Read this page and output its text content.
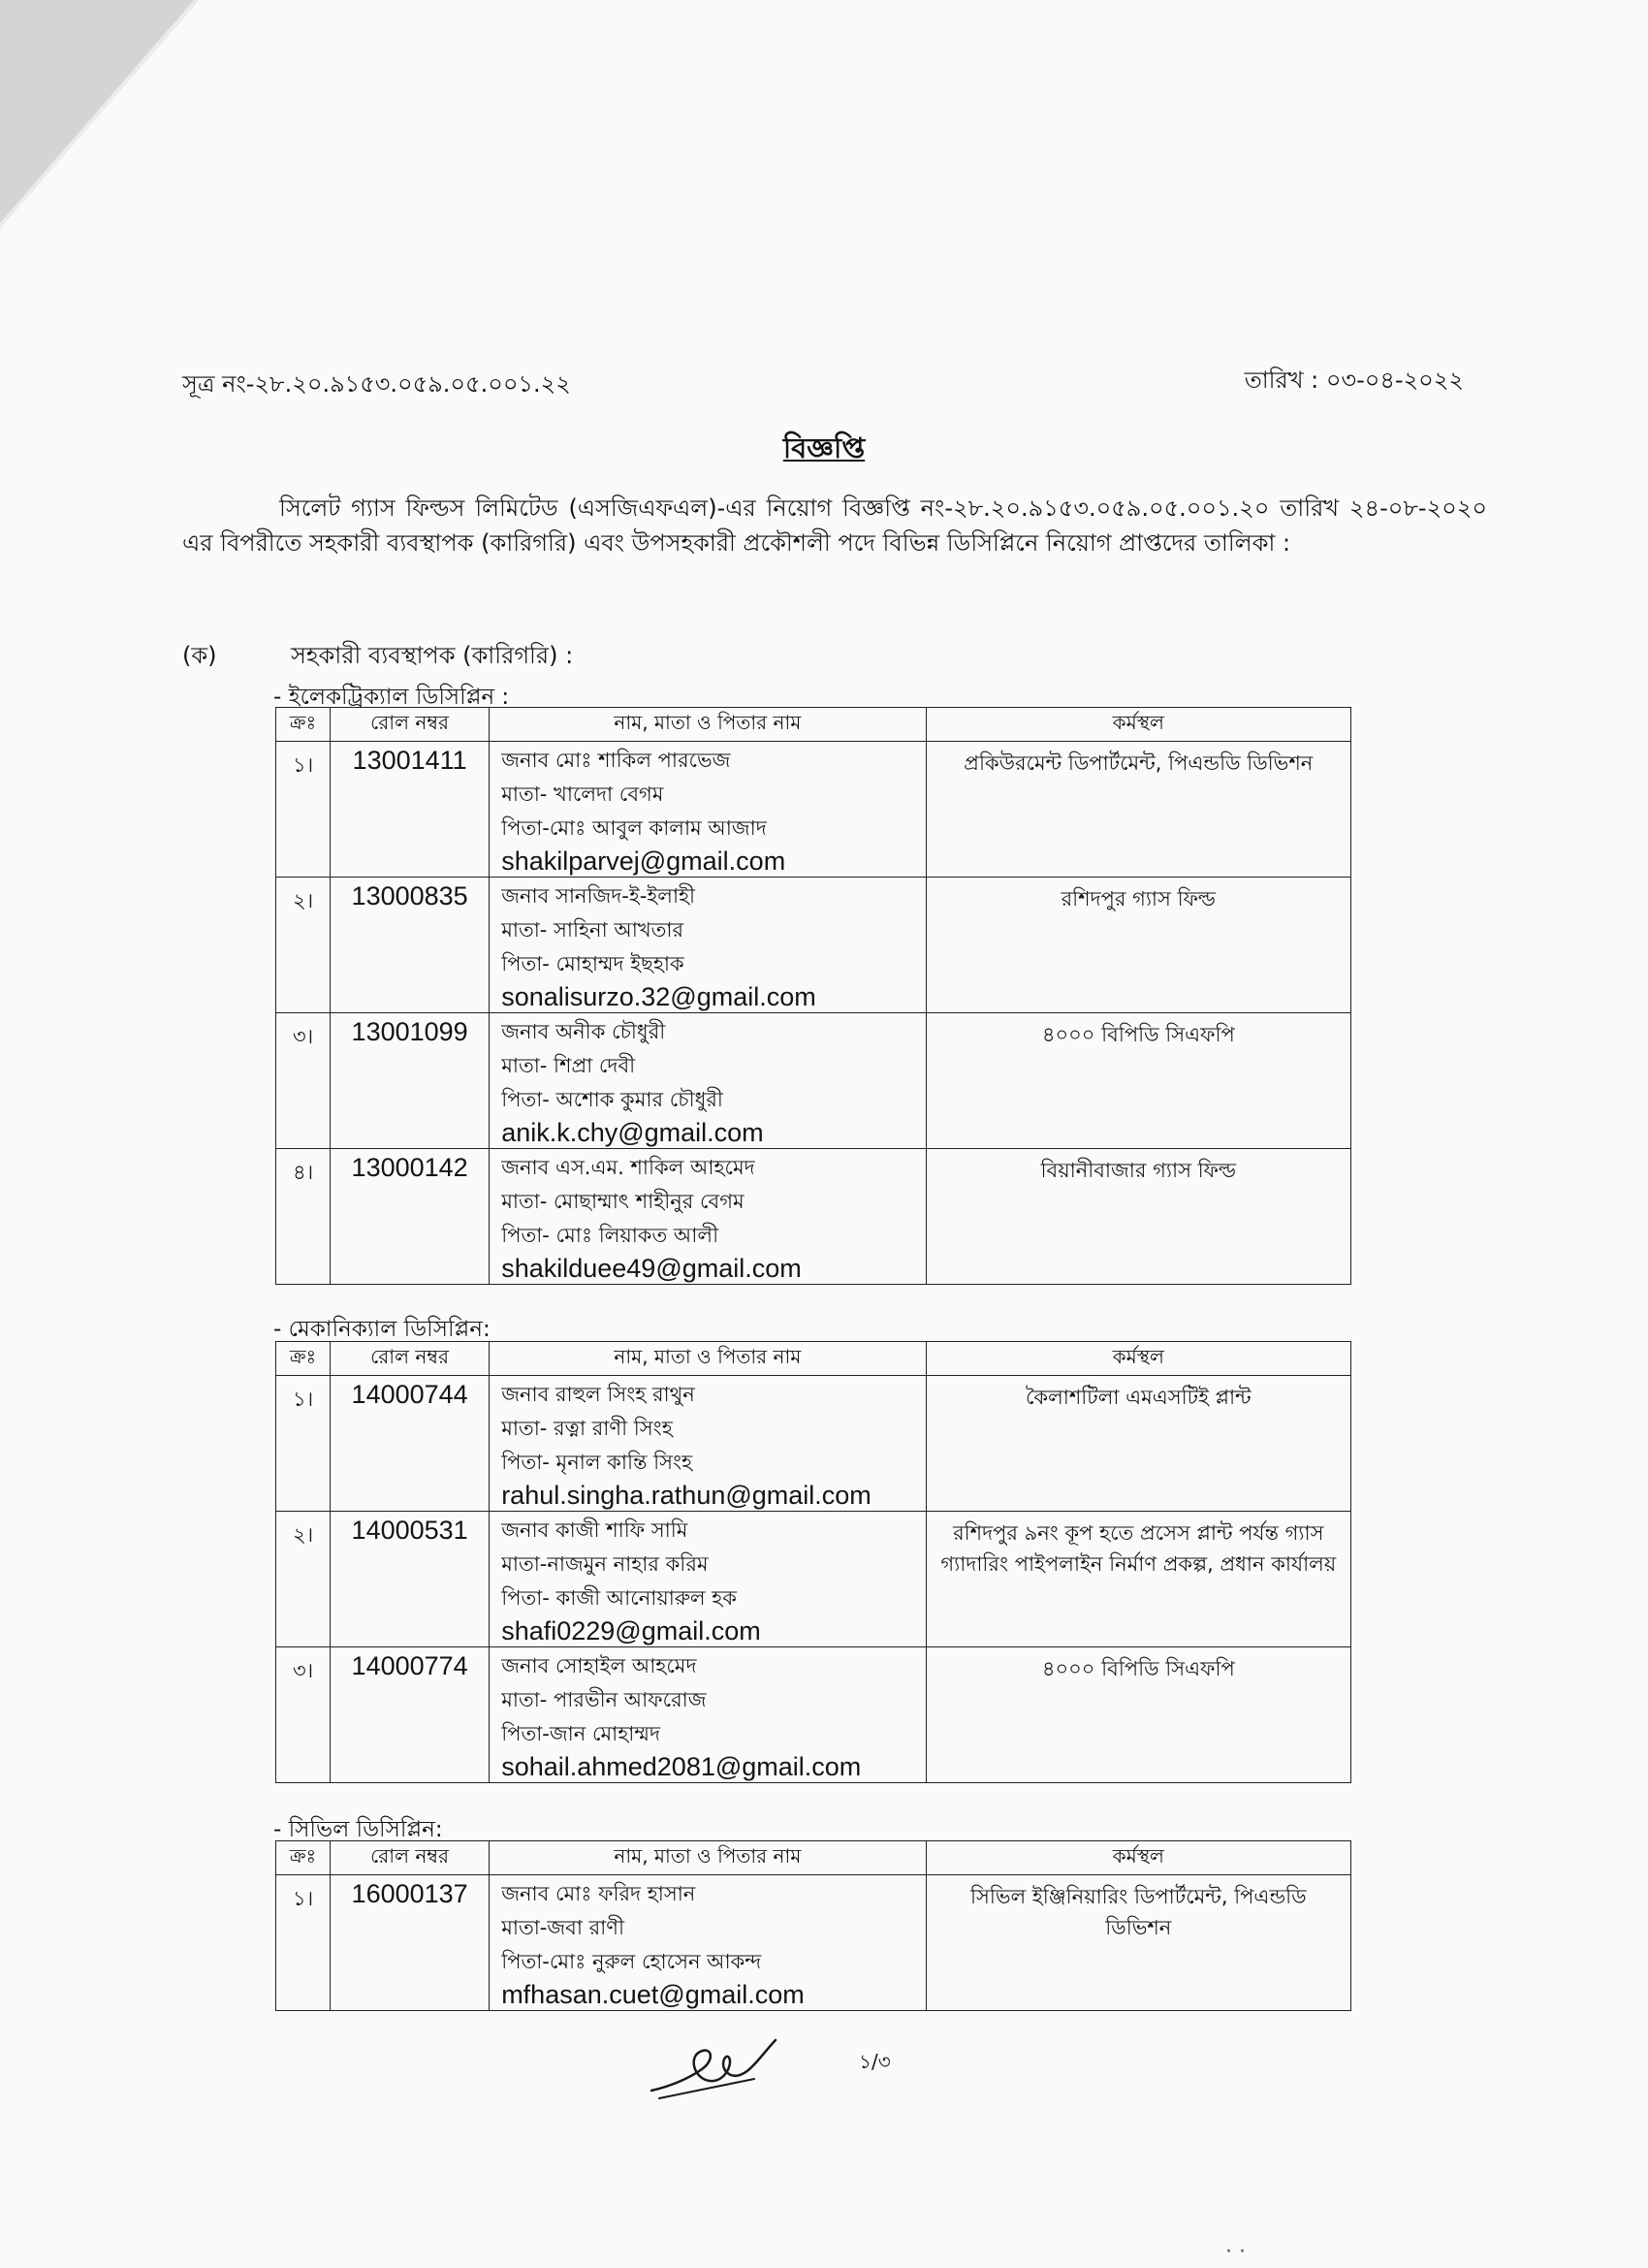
সূত্র নং-২৮.২০.৯১৫৩.০৫৯.০৫.০০১.২২	তারিখ : ০৩-০৪-২০২২
বিজ্ঞপ্তি
সিলেট গ্যাস ফিল্ডস লিমিটেড (এসজিএফএল)-এর নিয়োগ বিজ্ঞপ্তি নং-২৮.২০.৯১৫৩.০৫৯.০৫.০০১.২০ তারিখ ২৪-০৮-২০২০ এর বিপরীতে সহকারী ব্যবস্থাপক (কারিগরি) এবং উপসহকারী প্রকৌশলী পদে বিভিন্ন ডিসিপ্লিনে নিয়োগ প্রাপ্তদের তালিকা :
(ক)	সহকারী ব্যবস্থাপক (কারিগরি) :
- ইলেকট্রিক্যাল ডিসিপ্লিন :
ক্রঃ	রোল নম্বর	নাম, মাতা ও পিতার নাম	কর্মস্থল
১।	13001411	জনাব মোঃ শাকিল পারভেজ
মাতা- খালেদা বেগম
পিতা-মোঃ আবুল কালাম আজাদ
shakilparvej@gmail.com	প্রকিউরমেন্ট ডিপার্টমেন্ট, পিএন্ডডি ডিভিশন
২।	13000835	জনাব সানজিদ-ই-ইলাহী
মাতা- সাহিনা আখতার
পিতা- মোহাম্মদ ইছহাক
sonalisurzo.32@gmail.com	রশিদপুর গ্যাস ফিল্ড
৩।	13001099	জনাব অনীক চৌধুরী
মাতা- শিপ্রা দেবী
পিতা- অশোক কুমার চৌধুরী
anik.k.chy@gmail.com	৪০০০ বিপিডি সিএফপি
৪।	13000142	জনাব এস.এম. শাকিল আহমেদ
মাতা- মোছাম্মাৎ শাহীনুর বেগম
পিতা- মোঃ লিয়াকত আলী
shakilduee49@gmail.com	বিয়ানীবাজার গ্যাস ফিল্ড
- মেকানিক্যাল ডিসিপ্লিন:
ক্রঃ	রোল নম্বর	নাম, মাতা ও পিতার নাম	কর্মস্থল
১।	14000744	জনাব রাহুল সিংহ রাথুন
মাতা- রত্না রাণী সিংহ
পিতা- মৃনাল কান্তি সিংহ
rahul.singha.rathun@gmail.com	কৈলাশটিলা এমএসটিই প্লান্ট
২।	14000531	জনাব কাজী শাফি সামি
মাতা-নাজমুন নাহার করিম
পিতা- কাজী আনোয়ারুল হক
shafi0229@gmail.com	রশিদপুর ৯নং কূপ হতে প্রসেস প্লান্ট পর্যন্ত গ্যাস গ্যাদারিং পাইপলাইন নির্মাণ প্রকল্প, প্রধান কার্যালয়
৩।	14000774	জনাব সোহাইল আহমেদ
মাতা- পারভীন আফরোজ
পিতা-জান মোহাম্মদ
sohail.ahmed2081@gmail.com	৪০০০ বিপিডি সিএফপি
- সিভিল ডিসিপ্লিন:
ক্রঃ	রোল নম্বর	নাম, মাতা ও পিতার নাম	কর্মস্থল
১।	16000137	জনাব মোঃ ফরিদ হাসান
মাতা-জবা রাণী
পিতা-মোঃ নুরুল হোসেন আকন্দ
mfhasan.cuet@gmail.com	সিভিল ইঞ্জিনিয়ারিং ডিপার্টমেন্ট, পিএন্ডডি ডিভিশন
১/৩
· ·
